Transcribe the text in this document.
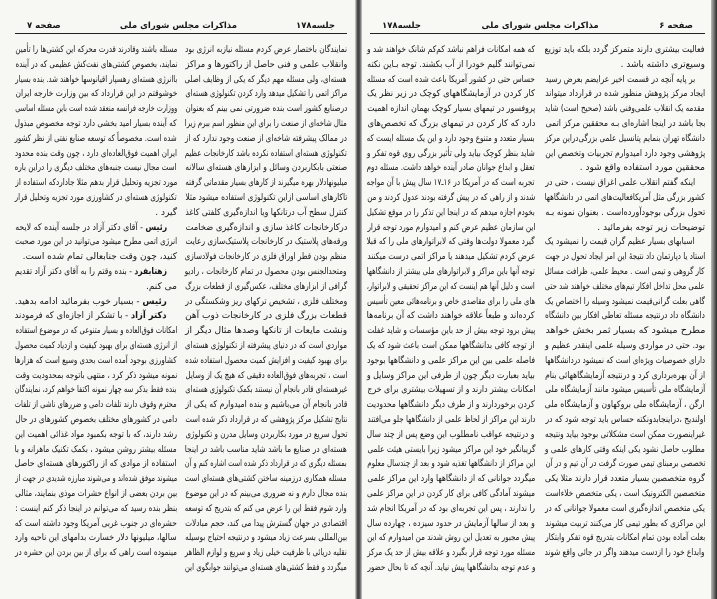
صفحه ۷	مذاکرات مجلس شورای ملی	جلسه۱۷۸
نمایندگان باختصار عرض کردم مسئله نیازبه انرژی بود
وانقلاب علمی و فنی حاصل از راکتورها و مراکز
هسته‌ای، ولی مسئله مهم دیگر که یکی از وظایف اصلی
مراکز اتمی را تشکیل میدهد وارد کردن تکنولوژی هسته‌ای
درصنایع کشور است بنده ضرورتی نمی بینم که بعنوان
مثال شاخه‌ای از صنعت را برای این منظور اسم ببرم زیرا
در ممالک پیشرفته شاخه‌ای از صنعت وجود ندارد که از
تکنولوژی هسته‌ای استفاده نکرده باشد کارخانجات عظیم
صنعتی بابکاربردن وسائل و ابزارهای هسته‌ای سالانه
میلیونهادلار بهره میگیرند از کارهای بسیار مقدماتی گرفته
تاکارهای اساسی ازاین تکنولوژی استفاده میشود مثلا
کنترل سطح آب درتانکها ویا اندازه‌گیری کلفتی کاغذ
درکارخانجات کاغذ سازی و اندازه‌گیری ضخامت
ورقه‌های پلاستیک در کارخانجات پلاستیک‌سازی رعایت
منظم بودن قطر اوراق فلزی در کارخانجات فولادسازی
ومتحدالجنس بودن محصول در تمام کارخانجات ، رادیو
گرافی از ابزارهای مختلف، عکس‌گیری از قطعات بزرگ
ومختلف فلزی ، تشخیص ترکهای ریز وشکستگی در
قطعات بزرگ فلزی در کارخانجات ذوب آهن
ونشت مایعات از تانکها وصدها مثال دیگر از
مواردی است که در دنیای پیشرفته از تکنولوژی هسته‌ای
برای بهبود کیفیت و افزایش کمیت محصول استفاده شده
است ، تجربه‌های فوق‌العاده دقیقی که هیچ یک از وسایل
غیرهسته‌ای قادر بانجام آن نیستند بکمک تکنولوژی هسته‌ای
قادر بانجام آن می‌باشیم و بنده امیدوارم که یکی از
نتایج تشکیل مرکز پژوهشی که در قرارداد ذکر شده است
تحول سریع در مورد بکاربردن وسایل مدرن و تکنولوژی
هسته‌ای در صنایع ما باشد شاید مناسب باشد در اینجا
بمسئله دیگری که در قرارداد ذکر شده است اشاره کنم و آن
مسئله همکاری درزمینه ساختن کشتی‌های هسته‌ای است
بنده مجال دارم و نه ضروری می‌بینم که در این موضوع
وارد شوم فقط این را عرض می کنم که بتدریج که توسعه
اقتصادی در جهان گسترش پیدا می کند، حجم مبادلات
بین‌المللی بسرعت زیاد میشود و درنتیجه احتیاج بوسیله
نقلیه دریائی با ظرفیت خیلی زیاد و سریع و لوازم الظاهر
میگردد و فقط کشتی‌های هسته‌ای می‌توانند جوابگوی این
مسئله باشند وقادرند قدرت محرکه این کشتی‌ها را تأمین
نمایند، بخصوص کشتی‌های نفت‌کش عظیمی که در آینده
باانرژی هسته‌ای رهسپار اقیانوسها خواهند شد. بنده بسیار
خوشوقتم در این قرارداد که بین وزارت خارجه ایران
ووزارت خارجه فرانسه منعقد شده است باین مسئله اساسی
که آینده بسیار امید بخشی دارد توجه مخصوص مبذول
شده است. مخصوصاً که توسعه صنایع نفتی از نظر کشور
ایران اهمیت فوق‌العاده‌ای دارد ، چون وقت بنده محدود
است مجال نیست جنبه‌های مختلف دیگری را دراین باره
مورد تجزیه وتحلیل قرار بدهم مثلا جاداردکه استفاده از
تکنولوژی هسته‌ای در کشاورزی مورد تجزیه وتحلیل قرار
گیرد .
رئیس - آقای دکتر آزاد در جلسه آینده که لایحه
انرژی اتمی مطرح میشود می‌توانید در این مورد صحبت
کنید، چون وقت جنابعالی تمام شده است.
زهتابفرد - بنده وقتم را به آقای دکتر آزاد تقدیم
می کنم.
رئیس - بسیار خوب بفرمائید ادامه بدهید.
دکتر آزاد - با تشکر از اجازه‌ای که فرمودند
امکانات فوق‌العاده و بسیار متنوعی که در موضوع استفاده
از انرژی هسته‌ای برای بهبود کیفیت و ازدیاد کمیت محصول
کشاورزی بوجود آمده است بحدی وسیع است که هزارها
نمونه میشود ذکر کرد ، منتهی باتوجه بمحدودیت وقت
بنده فقط بذکر سه چهار نمونه اکتفا خواهم کرد، نمایندگان
محترم وقوف دارند تلفات دامی و ضررهای ناشی از تلفات
دامی در کشورهای مختلف بخصوص کشورهای در حال
رشد دارند، که با توجه بکمبود مواد غذائی اهمیت این
مسئله بیشتر روشن میشود ، بکمک تکنیک ماهرانه و با
استفاده از موادی که از راکتورهای هسته‌ای حاصل
میشوند موفق شده‌اند و می‌شوند مبارزه شدیدی در جهت از
بین بردن بعضی از انواع حشرات موذی بنمایند، مثالی
بنظر بنده رسید که می‌توانم در اینجا ذکر کنم اینست :
حشره‌ای در جنوب غربی آمریکا وجود داشته است که
سالها، میلیونها دلار خسارت بدامهای این ناحیه وارد
مینموده است راهی که برای از بین بردن این حشره در
جلسه۱۷۸	مذاکرات مجلس شورای ملی	صفحه ۶
فعالیت بیشتری دارند متمرکز گردد بلکه باید توزیع
وسیع‌تری داشته باشد .
بر پایه آنچه در قسمت اخیر عرایضم بعرض رسید
ایجاد مرکز پژوهش منظور شده در قرارداد میتواند
مقدمه یک انقلاب علمی‌وفنی باشد (صحیح است) شاید
بجا باشد در اینجا اشاره‌ای بـه محققین مرکز اتمی
دانشگاه تهران بنمایم پتانسیل علمی بزرگی‌دراین مرکز
پژوهشی وجود دارد امیدوارم تجربیات وتخصص این
محققین مورد استفاده واقع شود .
اینکه گفتم انقلاب علمی اغراق نیست ، حتی در
کشور بزرگی مثل آمریکافعالیت‌های اتمی در دانشگاهها
تحول بزرگی بوجودآورده‌است . بعنوان نمونه بـه
توضیحات زیر توجه بفرمائید .
اسبابهای بسیار عظیم گران قیمت را نمیشود یک
استاد یا دپارتمان داد نتیجهٔ این امر ایجاد تحول در جهت
کار گروهی و تیمی است . محیط علمی، ظرافت مسائل
علمی محل تداخل افکار تیم‌های مختلف خواهند شد حتی
گاهی بعلت گرانی‌قیمت نمیشود وسیله را اختصاص یک
دانشگاه داد درنتیجه مسئله تعاطی افکار بین دانشگاه
مطرح میشود که بسیار ثمر بخش خواهد
بود. حتی در مواردی وسیله علمی اینقدر عظیم و
دارای خصوصیات ویژه‌ای است که نمیشود دردانشگاهها
از آن بهره‌برداری کرد و درنتیجه آزمایشگاههائی بنام
آزمایشگاه ملی تأسیس میشود مانند آزمایشگاه ملی
ارگن ، آزمایشگاه ملی بروکهاون و آزمایشگاه ملی
اولندیج ،دراینجابدونکته حساس باید توجه شود که در
غیراینصورت ممکن است مشکلاتی بوجود بیاید ونتیجه
مطلوب حاصل نشود یکی اینکه وقتی کارهای علمی و
تخصصی برمبنای تیمی صورت گرفت در آن تیم و در آن
گروه متخصصین بسیار متعدد قرار دارند مثلا یکی
متخصصین الکترونیک است ، یکی متخصص خلاءاست
یکی متخصص اندازه‌گیری است معمولا جوانانی که در
این مراکزی که بطور تیمی کار می‌کنند تربیت میشوند
بعلت آماده بودن تمام امکانات بتدریج قوه تفکر وابتکار
وابداع خود را ازدست میدهند واگر در جائی واقع شوند
که همه امکانات فراهم نباشد کم‌کم شانک خواهند شد و
نمی‌توانند گلیم خودرا از آب بکشند. توجه بـاین نکته
حساس حتی در کشور آمریکا باعث شده است که مسئله
کار کردن در آزمایشگاههای کوچک در زیر نظر یک
پروفسور در تیمهای بسیار کوچک بهمان اندازه اهمیت
دارد که کار کردن در تیمهای بزرگ که تخصص‌های
بسیار متعدد و متنوع وجود دارد و این یک مسئله ایست که
شاید بنظر کوچک بیاید ولی تأثیر بزرگی روی قوه تفکر و
تعقل و ابداع جوانان صادر آینده خواهد داشت. مسئله دوم
تجربه است که در آمریکا در ۱۶ـ۱۷ سال پیش با آن مواجه
شدند و از راهی که در پیش گرفته بودند عدول کردند و من
بخودم اجازه میدهم که در اینجا این تذکر را در موقع تشکیل
این سازمان عظیم عرض کنم و امیدوارم مورد توجه قرار
گیرد معمولا دولت‌ها وقتی که لابراتوارهای ملی را که قبلا
عرض کردم تشکیل میدهند یا مراکز اتمی درست میکنند
توجه آنها باین مراکز و لابراتوارهای ملی بیشتر از دانشگاهها
است و دلیل آنها هم اینست که این مراکز تحقیقی و لابراتوار،
های ملی را برای مقاصدی خاص و برنامه‌هائی معین تأسیس
کرده‌اند و طبعاً علاقه خواهند داشت که آن برنامه‌ها
پیش برود توجه بیش از حد باین مؤسسات و شاید غفلت
از توجه کافی بدانشگاهها ممکن است باعث شود که یک
فاصله علمی بین این مراکز علمی و دانشگاهها بوجود
بیاید بعبارت دیگر چون از طرفی این مراکز وسایل و
امکانات بیشتر دارند و از تسهیلات بیشتری برای خرج
کردن برخوردارند و از طرف دیگر دانشگاهها محدودیت
دارند این مراکز از لحاظ علمی از دانشگاهها جلو می‌افتند
و درنتیجه عواقب نامطلوب این وضع پس از چند سال
گریبانگیر خود این مراکز میشود زیرا بایستی هیئت علمی
این مراکز از دانشگاهها تغذیه شود و بعد از چندسال معلوم
میگردد جوانانی که از دانشگاهها وارد این مراکز علمی
میشوند آمادگی کافی برای کار کردن در این مراکز علمی
را ندارند ، پس این تجربه‌ای بود که در آمریکا انجام شد
و بعد از سالها آزمایش در حدود سیزده ، چهارده سال
پیش مجبور به تعدیل این روش شدند من امیدوارم که این
مسئله مورد توجه قرار بگیرد و علاقه بیش از حد یک مرکز
و عدم توجه بدانشگاهها پیش نیاید. آنچه که تا بحال حضور
